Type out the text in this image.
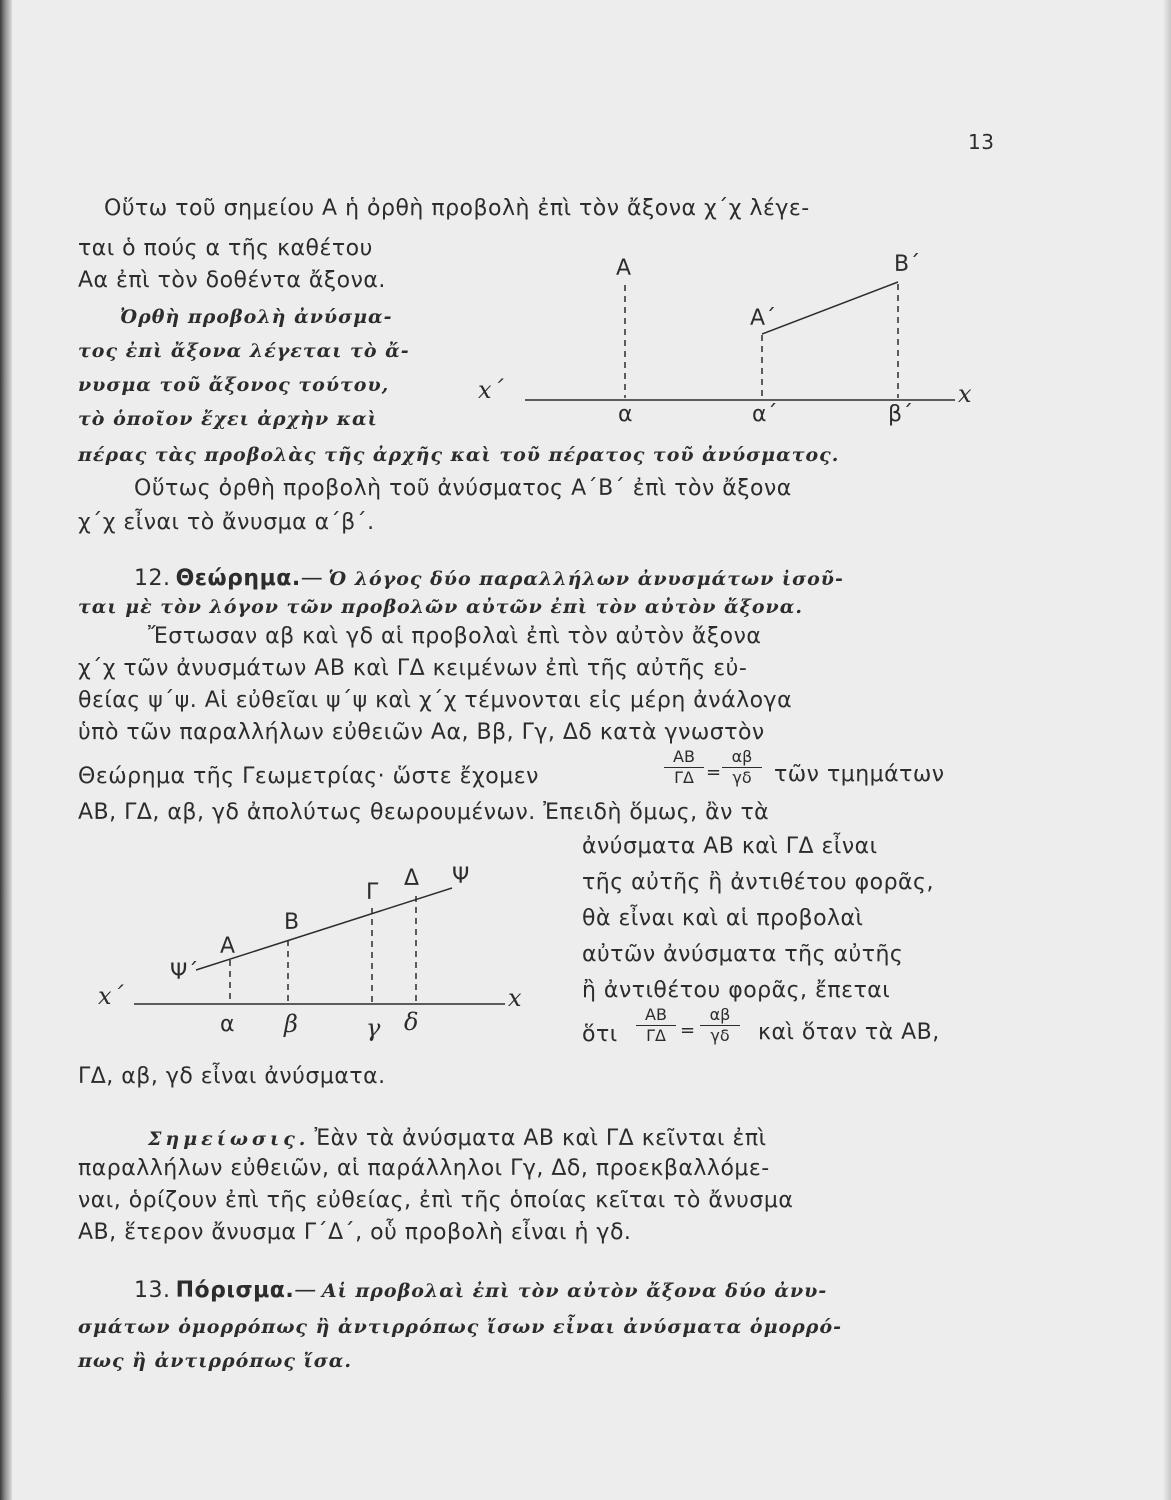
13
Οὕτω τοῦ σημείου Α ἡ ὀρθὴ προβολὴ ἐπὶ τὸν ἄξονα χ΄χ λέγε-
ται ὁ πούς α τῆς καθέτου
Αα ἐπὶ τὸν δοθέντα ἄξονα.
Ὀρθὴ προβολὴ ἀνύσμα-
τος ἐπὶ ἄξονα λέγεται τὸ ἄ-
νυσμα τοῦ ἄξονος τούτου,
τὸ ὁποῖον ἔχει ἀρχὴν καὶ
πέρας τὰς προβολὰς τῆς ἀρχῆς καὶ τοῦ πέρατος τοῦ ἀνύσματος.
Οὕτως ὀρθὴ προβολὴ τοῦ ἀνύσματος Α΄Β΄ ἐπὶ τὸν ἄξονα
χ΄χ εἶναι τὸ ἄνυσμα α΄β΄.
Α
Α΄
Β΄
x΄	x
α	α΄	β΄
12. Θεώρημα.— Ὁ λόγος δύο παραλλήλων ἀνυσμάτων ἰσοῦ-
ται μὲ τὸν λόγον τῶν προβολῶν αὐτῶν ἐπὶ τὸν αὐτὸν ἄξονα.
Ἔστωσαν αβ καὶ γδ αἱ προβολαὶ ἐπὶ τὸν αὐτὸν ἄξονα
χ΄χ τῶν ἀνυσμάτων ΑΒ καὶ ΓΔ κειμένων ἐπὶ τῆς αὐτῆς εὐ-
θείας ψ΄ψ. Αἱ εὐθεῖαι ψ΄ψ καὶ χ΄χ τέμνονται εἰς μέρη ἀνάλογα
ὑπὸ τῶν παραλλήλων εὐθειῶν Αα, Ββ, Γγ, Δδ κατὰ γνωστὸν
Θεώρημα τῆς Γεωμετρίας· ὥστε ἔχομεν
ΑΒ
ΓΔ =
αβ
γδ	τῶν τμημάτων
ΑΒ, ΓΔ, αβ, γδ ἀπολύτως θεωρουμένων. Ἐπειδὴ ὅμως, ἂν τὰ
ἀνύσματα ΑΒ καὶ ΓΔ εἶναι
τῆς αὐτῆς ἢ ἀντιθέτου φορᾶς,
θὰ εἶναι καὶ αἱ προβολαὶ
αὐτῶν ἀνύσματα τῆς αὐτῆς
ἢ ἀντιθέτου φορᾶς, ἔπεται
ὅτι
ΑΒ
ΓΔ =
αβ
γδ	καὶ ὅταν τὰ ΑΒ,
ΓΔ, αβ, γδ εἶναι ἀνύσματα.
Α
Β
Γ
Δ Ψ
Ψ΄
x΄	x
α β	γ δ
Σημείωσις. Ἐὰν τὰ ἀνύσματα ΑΒ καὶ ΓΔ κεῖνται ἐπὶ
παραλλήλων εὐθειῶν, αἱ παράλληλοι Γγ, Δδ, προεκβαλλόμε-
ναι, ὁρίζουν ἐπὶ τῆς εὐθείας, ἐπὶ τῆς ὁποίας κεῖται τὸ ἄνυσμα
ΑΒ, ἕτερον ἄνυσμα Γ΄Δ΄, οὗ προβολὴ εἶναι ἡ γδ.
13. Πόρισμα.— Αἱ προβολαὶ ἐπὶ τὸν αὐτὸν ἄξονα δύο ἀνυ-
σμάτων ὁμορρόπως ἢ ἀντιρρόπως ἴσων εἶναι ἀνύσματα ὁμορρό-
πως ἢ ἀντιρρόπως ἴσα.
